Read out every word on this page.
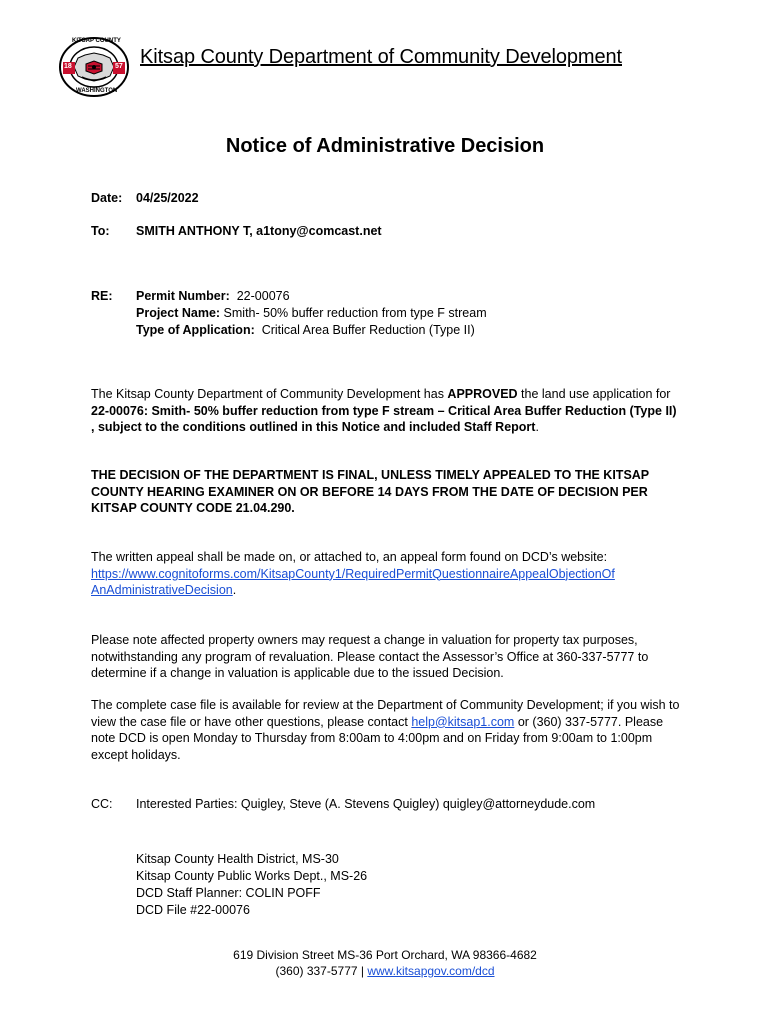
KITSAP COUNTY
WASHINGTON
18	57 Kitsap County Department of Community Development
Notice of Administrative Decision
Date: 04/25/2022
To: SMITH ANTHONY T, a1tony@comcast.net
RE: Permit Number: 22-00076
Project Name: Smith- 50% buffer reduction from type F stream
Type of Application: Critical Area Buffer Reduction (Type II)
The Kitsap County Department of Community Development has APPROVED the land use application for 22-00076: Smith- 50% buffer reduction from type F stream – Critical Area Buffer Reduction (Type II) , subject to the conditions outlined in this Notice and included Staff Report.
THE DECISION OF THE DEPARTMENT IS FINAL, UNLESS TIMELY APPEALED TO THE KITSAP COUNTY HEARING EXAMINER ON OR BEFORE 14 DAYS FROM THE DATE OF DECISION PER KITSAP COUNTY CODE 21.04.290.
The written appeal shall be made on, or attached to, an appeal form found on DCD’s website:
https://www.cognitoforms.com/KitsapCounty1/RequiredPermitQuestionnaireAppealObjectionOf
AnAdministrativeDecision.
Please note affected property owners may request a change in valuation for property tax purposes, notwithstanding any program of revaluation. Please contact the Assessor’s Office at 360-337-5777 to determine if a change in valuation is applicable due to the issued Decision.
The complete case file is available for review at the Department of Community Development; if you wish to view the case file or have other questions, please contact help@kitsap1.com or (360) 337-5777. Please note DCD is open Monday to Thursday from 8:00am to 4:00pm and on Friday from 9:00am to 1:00pm except holidays.
CC: Interested Parties: Quigley, Steve (A. Stevens Quigley) quigley@attorneydude.com
Kitsap County Health District, MS-30
Kitsap County Public Works Dept., MS-26
DCD Staff Planner: COLIN POFF
DCD File #22-00076
619 Division Street MS-36 Port Orchard, WA 98366-4682
(360) 337-5777 | www.kitsapgov.com/dcd
